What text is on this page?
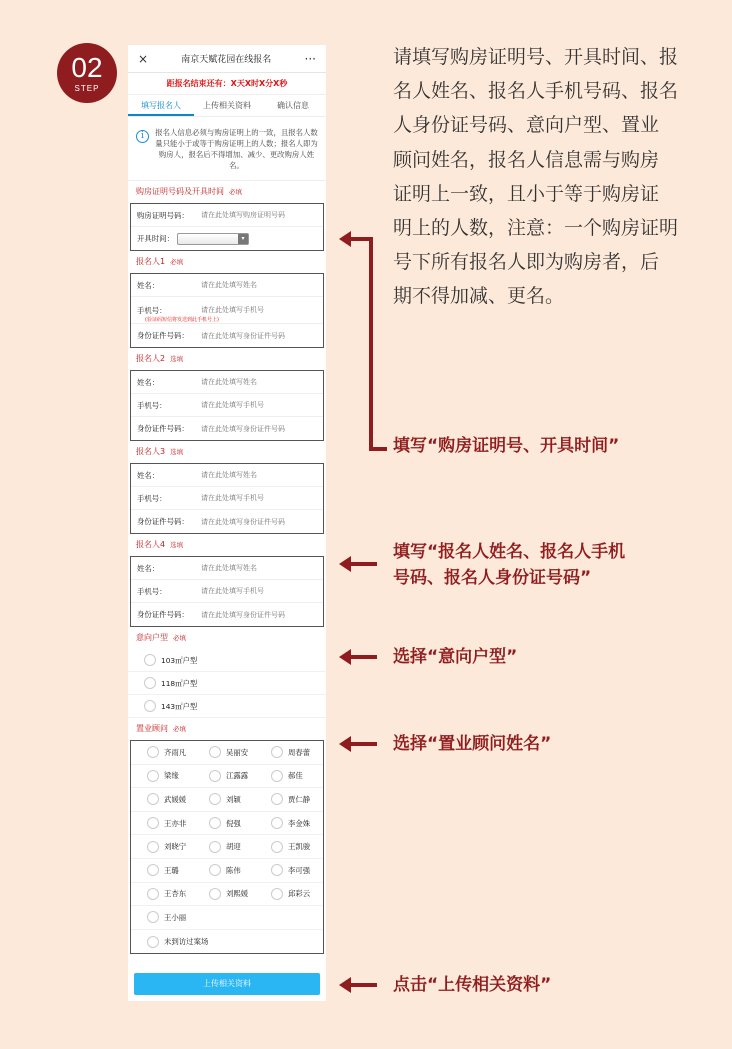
02
STEP
×	南京天赋花园在线报名	···
距报名结束还有：X天X时X分X秒
填写报名人	上传相关资料	确认信息
i	报名人信息必须与购房证明上的一致，且报名人数量只能小于或等于购房证明上的人数；报名人即为购房人，报名后不得增加、减少、更改购房人姓名。
购房证明号码及开具时间 必填
购房证明号码：
请在此处填写购房证明号码
开具时间：	▾
报名人1 必填
姓名：
请在此处填写姓名
手机号：
请在此处填写手机号
(验证码短信将发送到此手机号上)
身份证件号码：
请在此处填写身份证件号码
报名人2 选填
姓名：
请在此处填写姓名
手机号：
请在此处填写手机号
身份证件号码：
请在此处填写身份证件号码
报名人3 选填
姓名：
请在此处填写姓名
手机号：
请在此处填写手机号
身份证件号码：
请在此处填写身份证件号码
报名人4 选填
姓名：
请在此处填写姓名
手机号：
请在此处填写手机号
身份证件号码：
请在此处填写身份证件号码
意向户型 必填
103㎡户型
118㎡户型
143㎡户型
置业顾问 必填
齐雨凡	吴丽安	周春蕾
梁缘	江露露	郝佳
武媛媛	刘颖	贾仁静
王亦非	倪强	李金姝
刘晓宁	胡迎	王凯骏
王璐	陈伟	李可强
王杏东	刘熙媛	邱彩云
王小丽
未到访过案场
上传相关资料
请填写购房证明号、开具时间、报
名人姓名、报名人手机号码、报名
人身份证号码、意向户型、置业
顾问姓名，报名人信息需与购房
证明上一致，且小于等于购房证
明上的人数，注意：一个购房证明
号下所有报名人即为购房者，后
期不得加减、更名。
填写“购房证明号、开具时间”
填写“报名人姓名、报名人手机
号码、报名人身份证号码”
选择“意向户型”
选择“置业顾问姓名”
点击“上传相关资料”
